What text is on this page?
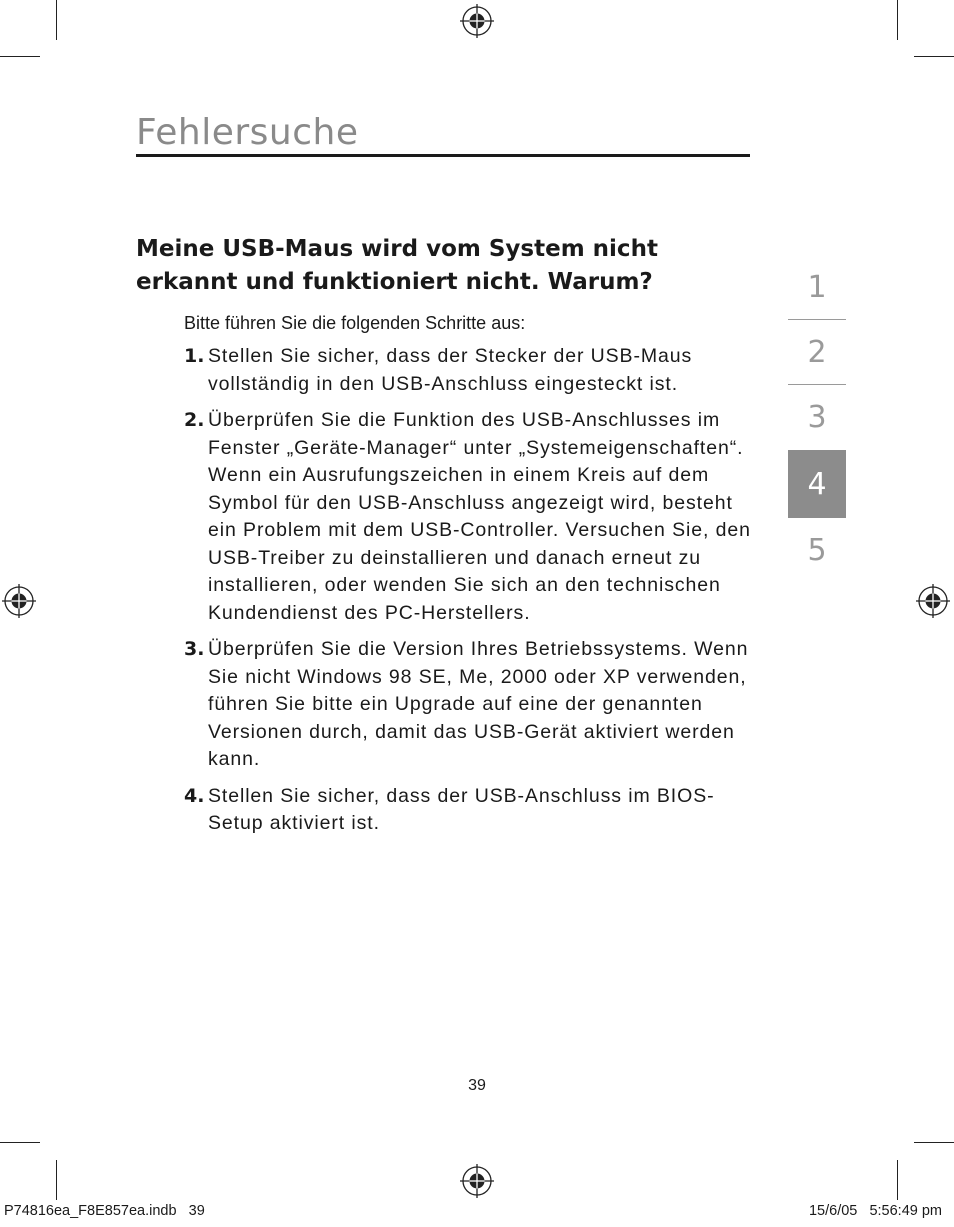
Fehlersuche
Meine USB-Maus wird vom System nicht erkannt und funktioniert nicht. Warum?
Bitte führen Sie die folgenden Schritte aus:
1. Stellen Sie sicher, dass der Stecker der USB-Maus vollständig in den USB-Anschluss eingesteckt ist.
2. Überprüfen Sie die Funktion des USB-Anschlusses im Fenster „Geräte-Manager“ unter „Systemeigenschaften“. Wenn ein Ausrufungszeichen in einem Kreis auf dem Symbol für den USB-Anschluss angezeigt wird, besteht ein Problem mit dem USB-Controller. Versuchen Sie, den USB-Treiber zu deinstallieren und danach erneut zu installieren, oder wenden Sie sich an den technischen Kundendienst des PC-Herstellers.
3. Überprüfen Sie die Version Ihres Betriebssystems. Wenn Sie nicht Windows 98 SE, Me, 2000 oder XP verwenden, führen Sie bitte ein Upgrade auf eine der genannten Versionen durch, damit das USB-Gerät aktiviert werden kann.
4. Stellen Sie sicher, dass der USB-Anschluss im BIOS-Setup aktiviert ist.
1
2
3
4
5
39
P74816ea_F8E857ea.indb   39	15/6/05   5:56:49 pm
